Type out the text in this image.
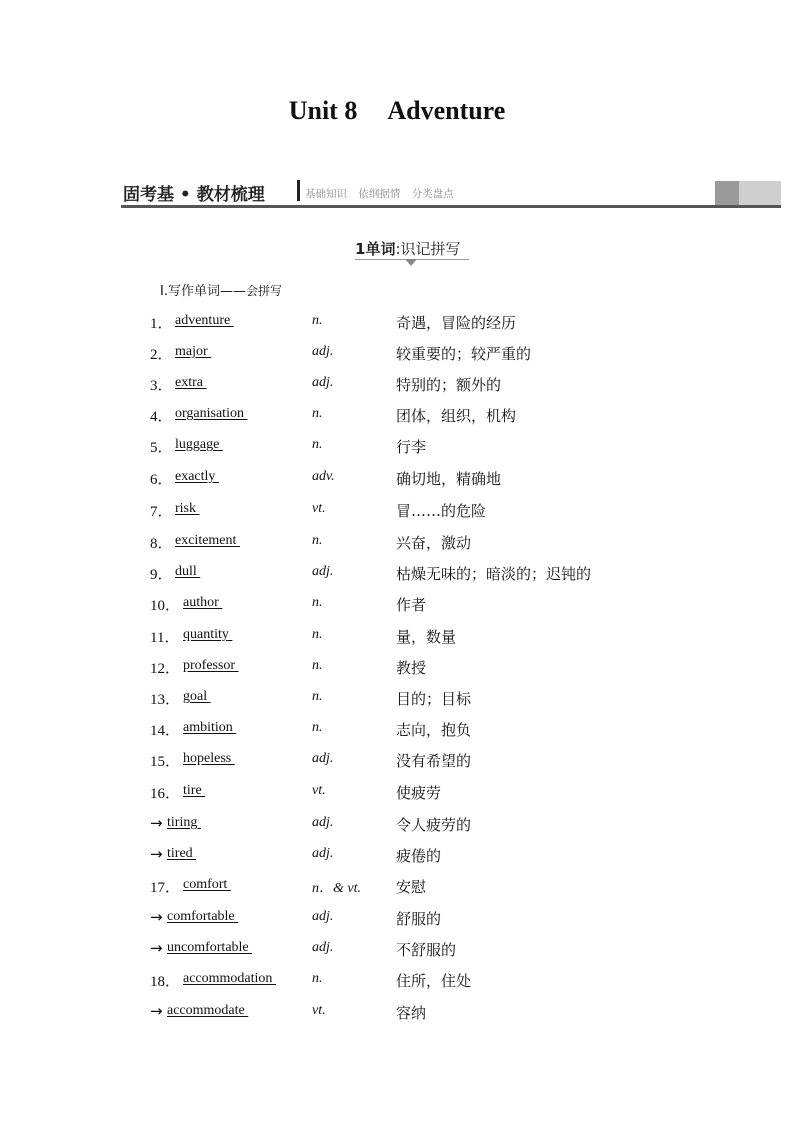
Unit 8 Adventure
固考基 • 教材梳理	基础知识 依纲据情 分类盘点
1单词:识记拼写
Ⅰ.写作单词——会拼写
1． adventure	n.	奇遇，冒险的经历
2． major	adj.	较重要的；较严重的
3． extra	adj.	特别的；额外的
4． organisation	n.	团体，组织，机构
5． luggage	n.	行李
6． exactly	adv.	确切地，精确地
7． risk	vt.	冒……的危险
8． excitement	n.	兴奋，激动
9． dull	adj.	枯燥无味的；暗淡的；迟钝的
10． author	n.	作者
11． quantity	n.	量，数量
12． professor	n.	教授
13． goal	n.	目的；目标
14． ambition	n.	志向，抱负
15． hopeless	adj.	没有希望的
16． tire	vt.	使疲劳
→ tiring	adj.	令人疲劳的
→ tired	adj.	疲倦的
17． comfort	n．& vt. 安慰
→ comfortable	adj.	舒服的
→ uncomfortable	adj.	不舒服的
18． accommodation	n.	住所，住处
→ accommodate	vt.	容纳
